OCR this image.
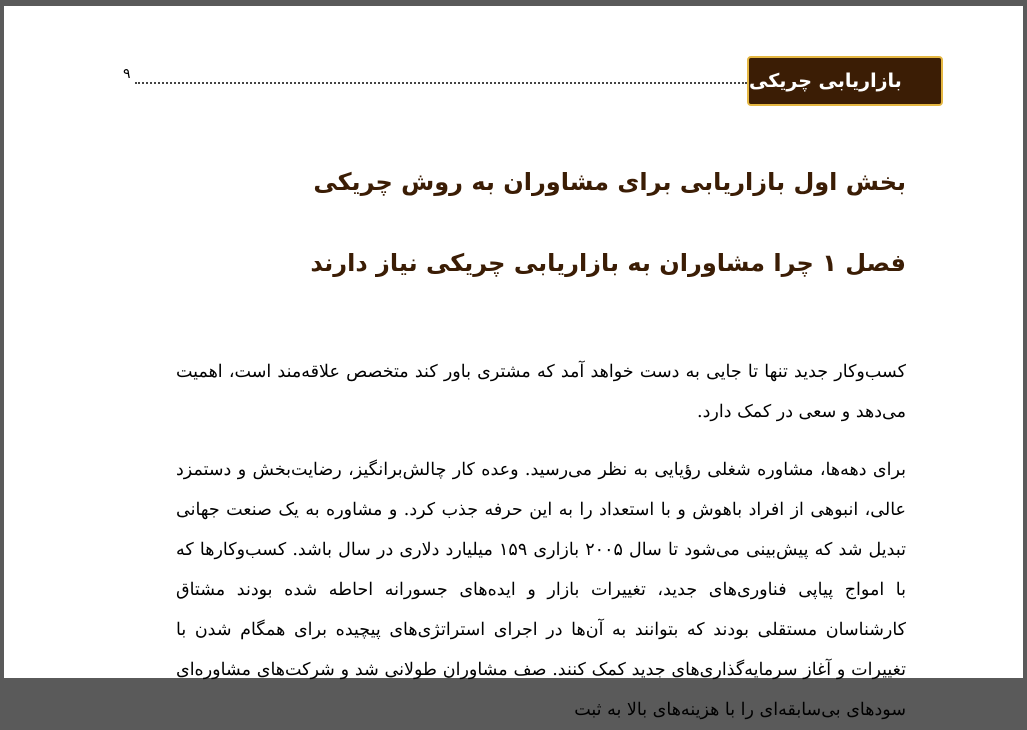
۹	بازاریابی چریکی
بخش اول بازاریابی برای مشاوران به روش چریکی
فصل ۱ چرا مشاوران به بازاریابی چریکی نیاز دارند

کسب‌وکار جدید تنها تا جایی به دست خواهد آمد که مشتری باور کند متخصص علاقه‌مند است، اهمیت می‌دهد و سعی در کمک دارد.

برای دهه‌ها، مشاوره شغلی رؤیایی به نظر می‌رسید. وعده کار چالش‌برانگیز، رضایت‌بخش و دستمزد عالی، انبوهی از افراد باهوش و با استعداد را به این حرفه جذب کرد. و مشاوره به یک صنعت جهانی تبدیل شد که پیش‌بینی می‌شود تا سال ۲۰۰۵ بازاری ۱۵۹ میلیارد دلاری در سال باشد. کسب‌وکارها که با امواج پیاپی فناوری‌های جدید، تغییرات بازار و ایده‌های جسورانه احاطه شده بودند مشتاق کارشناسان مستقلی بودند که بتوانند به آن‌ها در اجرای استراتژی‌های پیچیده برای همگام شدن با تغییرات و آغاز سرمایه‌گذاری‌های جدید کمک کنند. صف مشاوران طولانی شد و شرکت‌های مشاوره‌ای سودهای بی‌سابقه‌ای را با هزینه‌های بالا به ثبت
